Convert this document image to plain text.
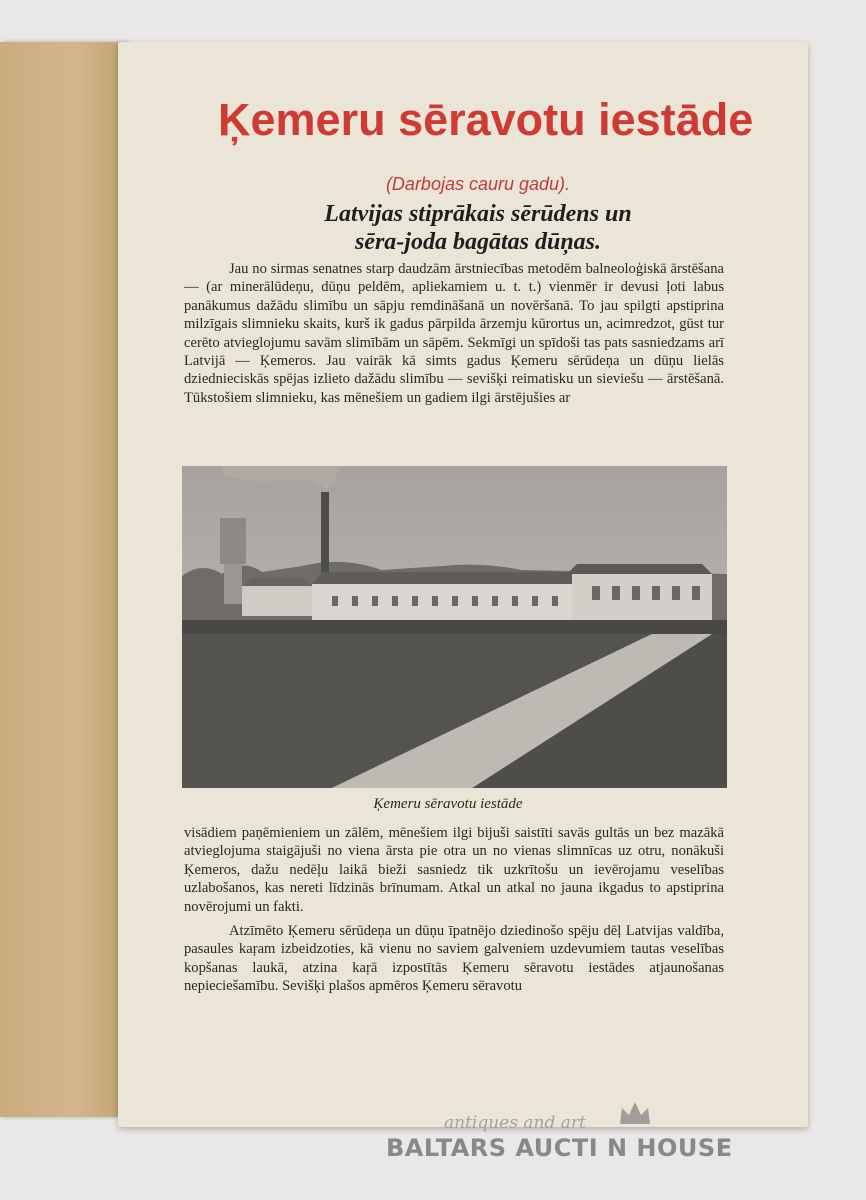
Ķemeru sēravotu iestāde
(Darbojas cauru gadu).
Latvijas stiprākais sērūdens un
sēra-joda bagātas dūņas.

Jau no sirmas senatnes starp daudzām ārstniecības metodēm balneoloģiskā ārstēšana — (ar minerālūdeņu, dūņu peldēm, apliekamiem u. t. t.) vienmēr ir devusi ļoti labus panākumus dažādu slimību un sāpju remdināšanā un novēršanā. To jau spilgti apstiprina milzīgais slimnieku skaits, kurš ik gadus pārpilda ārzemju kūrortus un, acimredzot, gūst tur cerēto atvieglojumu savām slimībām un sāpēm. Sekmīgi un spīdoši tas pats sasniedzams arī Latvijā — Ķemeros. Jau vairāk kā simts gadus Ķemeru sērūdeņa un dūņu lielās dziednieciskās spējas izlieto dažādu slimību — sevišķi reimatisku un sieviešu — ārstēšanā. Tūkstošiem slimnieku, kas mēnešiem un gadiem ilgi ārstējušies ar

Ķemeru sēravotu iestāde

visādiem paņēmieniem un zālēm, mēnešiem ilgi bijuši saistīti savās gultās un bez mazākā atvieglojuma staigājuši no viena ārsta pie otra un no vienas slimnīcas uz otru, nonākuši Ķemeros, dažu nedēļu laikā bieži sasniedz tik uzkrītošu un ievērojamu veselības uzlabošanos, kas nereti līdzinās brīnumam. Atkal un atkal no jauna ikgadus to apstiprina novērojumi un fakti.

Atzīmēto Ķemeru sērūdeņa un dūņu īpatnējo dziedinošo spēju dēļ Latvijas valdība, pasaules kaŗam izbeidzoties, kā vienu no saviem galveniem uzdevumiem tautas veselības kopšanas laukā, atzina kaŗā izpostītās Ķemeru sēravotu iestādes atjaunošanas nepieciešamību. Sevišķi plašos apmēros Ķemeru sēravotu

antiques and art
BALTARS AUCTI N HOUSE
